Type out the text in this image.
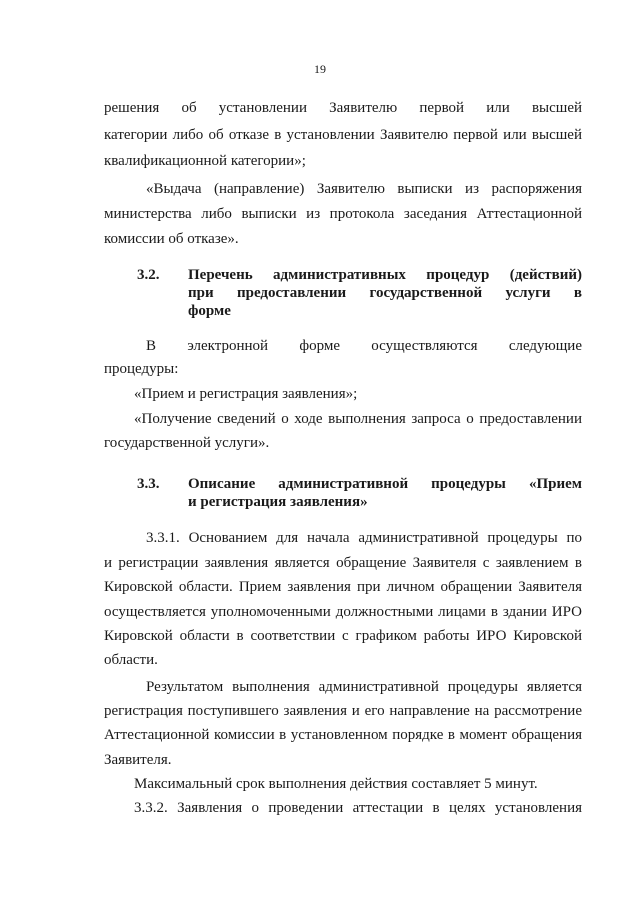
19
решения об установлении Заявителю первой или высшей
категории либо об отказе в установлении Заявителю первой или высшей
квалификационной категории»;
«Выдача (направление) Заявителю выписки из распоряжения
министерства либо выписки из протокола заседания Аттестационной
комиссии об отказе».
3.2. Перечень административных процедур (действий)
при предоставлении государственной услуги в
форме
В электронной форме осуществляются следующие
процедуры:
«Прием и регистрация заявления»;
«Получение сведений о ходе выполнения запроса о предоставлении
государственной услуги».
3.3. Описание административной процедуры «Прием
и регистрация заявления»
3.3.1. Основанием для начала административной процедуры по
и регистрации заявления является обращение Заявителя с заявлением в
Кировской области. Прием заявления при личном обращении Заявителя
осуществляется уполномоченными должностными лицами в здании ИРО
Кировской области в соответствии с графиком работы ИРО Кировской
области.
Результатом выполнения административной процедуры является
регистрация поступившего заявления и его направление на рассмотрение
Аттестационной комиссии в установленном порядке в момент обращения
Заявителя.
Максимальный срок выполнения действия составляет 5 минут.
3.3.2. Заявления о проведении аттестации в целях установления
